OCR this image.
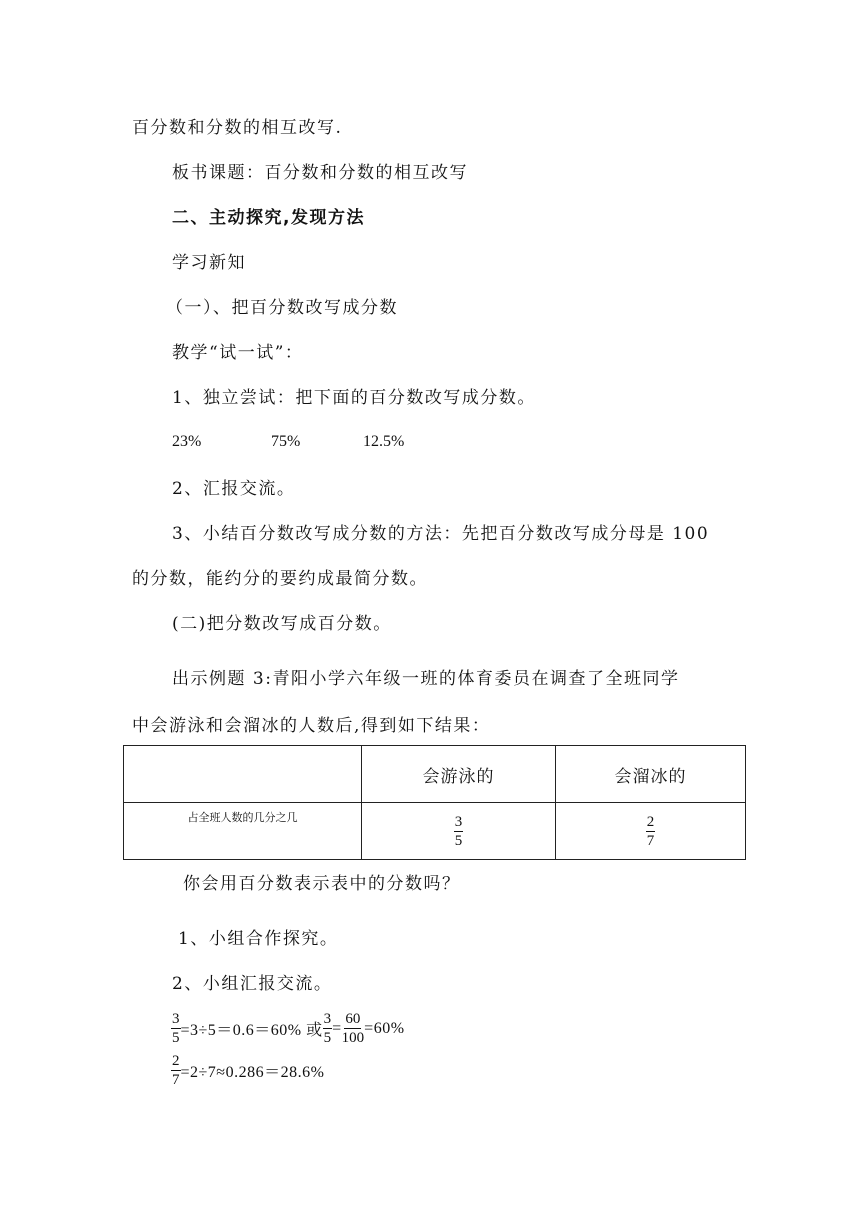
百分数和分数的相互改写.
板书课题：百分数和分数的相互改写
二、主动探究,发现方法
学习新知
（一）、把百分数改写成分数
教学“试一试”：
1、独立尝试：把下面的百分数改写成分数。
23%	75%	12.5%
2、汇报交流。
3、小结百分数改写成分数的方法：先把百分数改写成分母是 100
的分数，能约分的要约成最简分数。
(二)把分数改写成百分数。
出示例题 3:青阳小学六年级一班的体育委员在调查了全班同学
中会游泳和会溜冰的人数后,得到如下结果：
	会游泳的	会溜冰的
占全班人数的几分之几	$\frac{3}{5}$	$\frac{2}{7}$
你会用百分数表示表中的分数吗？
1、小组合作探究。
2、小组汇报交流。
$\frac{3}{5} =3\div 5=0.6=60\%$ 或 $\frac{3}{5} = \frac{60}{100} =60\%$
$\frac{2}{7} =2\div 7\approx 0.286=28.6\%$
